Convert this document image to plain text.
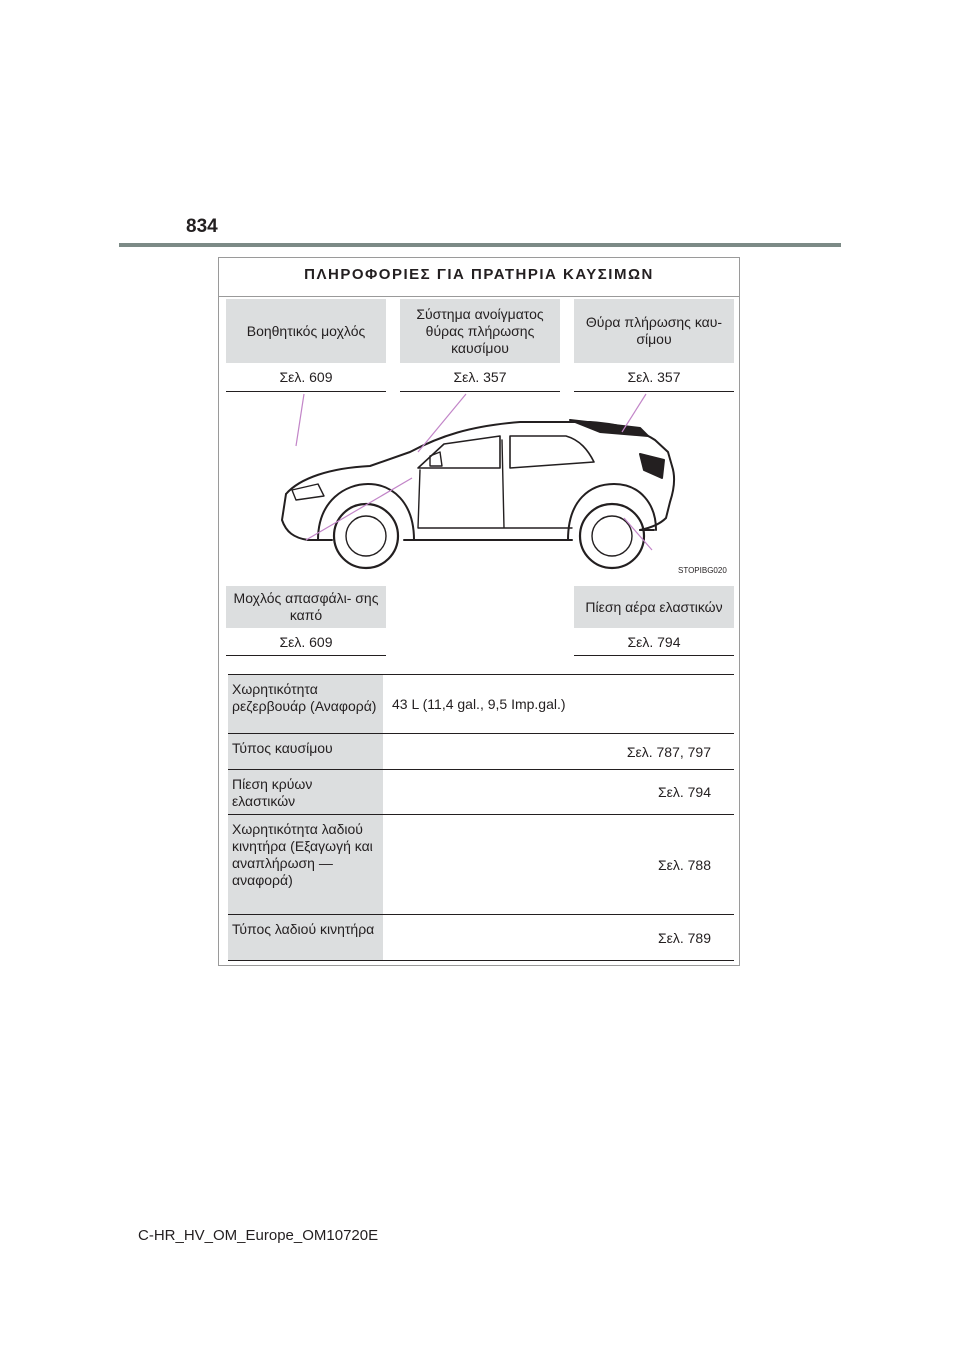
834
ΠΛΗΡΟΦΟΡΙΕΣ ΓΙΑ ΠΡΑΤΗΡΙΑ ΚΑΥΣΙΜΩΝ
Βοηθητικός μοχλός
Σελ. 609
Σύστημα ανοίγματος θύρας πλήρωσης καυσίμου
Σελ. 357
Θύρα πλήρωσης καυ- σίμου
Σελ. 357
STOPIBG020
Μοχλός απασφάλι- σης καπό
Σελ. 609
Πίεση αέρα ελαστικών
Σελ. 794
Χωρητικότητα ρεζερβουάρ (Αναφορά)	43 L (11,4 gal., 9,5 Imp.gal.)
Τύπος καυσίμου	Σελ. 787, 797
Πίεση κρύων ελαστικών
Σελ. 794
Χωρητικότητα λαδιού κινητήρα (Εξαγωγή και αναπλήρωση — αναφορά)
Σελ. 788
Τύπος λαδιού κινητήρα
Σελ. 789
C-HR_HV_OM_Europe_OM10720E
